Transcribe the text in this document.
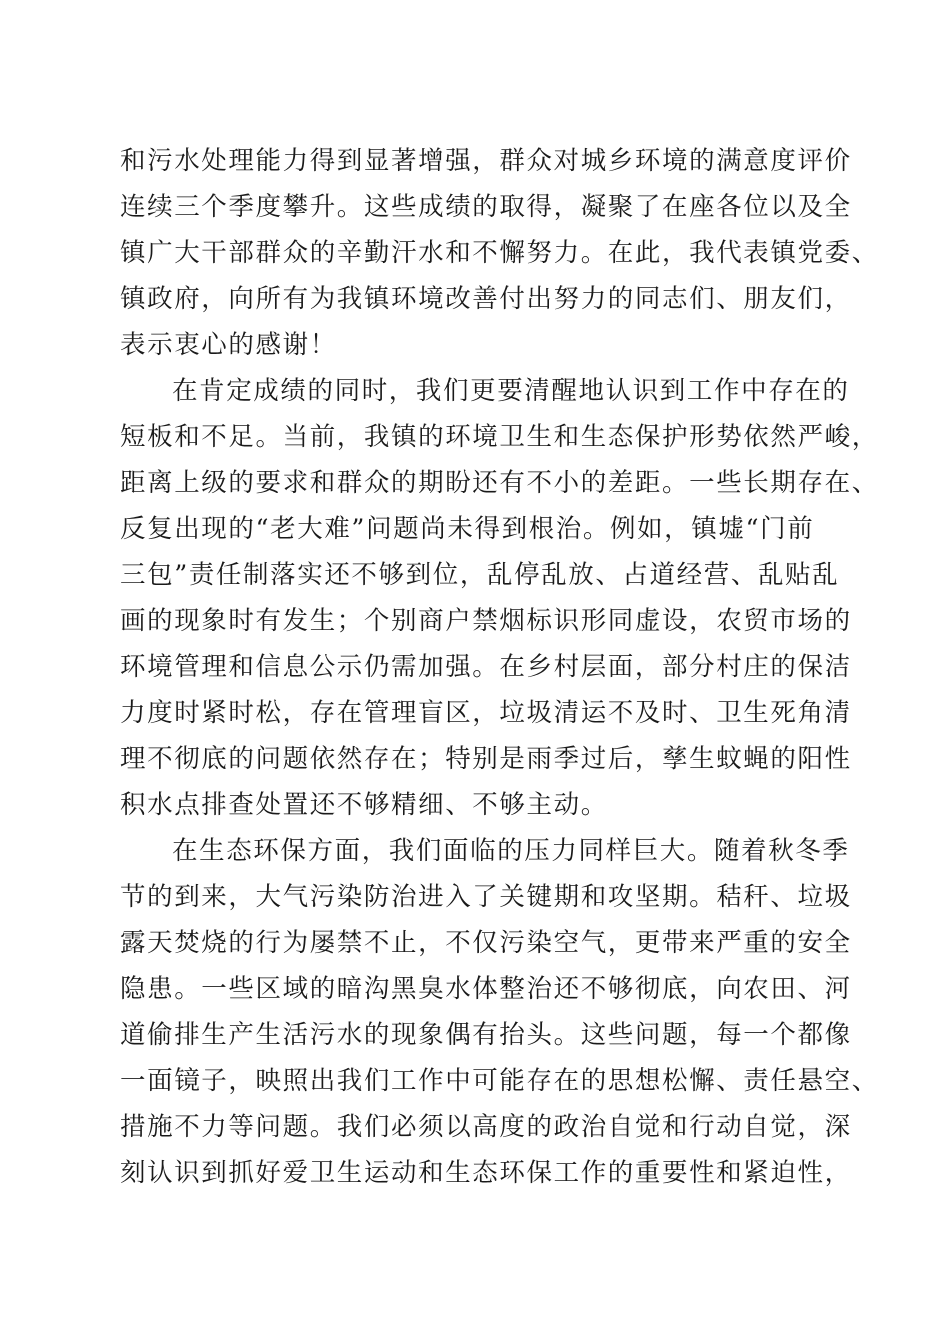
和污水处理能力得到显著增强，群众对城乡环境的满意度评价
连续三个季度攀升。这些成绩的取得，凝聚了在座各位以及全
镇广大干部群众的辛勤汗水和不懈努力。在此，我代表镇党委、
镇政府，向所有为我镇环境改善付出努力的同志们、朋友们，
表示衷心的感谢！
在肯定成绩的同时，我们更要清醒地认识到工作中存在的
短板和不足。当前，我镇的环境卫生和生态保护形势依然严峻，
距离上级的要求和群众的期盼还有不小的差距。一些长期存在、
反复出现的“老大难”问题尚未得到根治。例如，镇墟“门前
三包”责任制落实还不够到位，乱停乱放、占道经营、乱贴乱
画的现象时有发生；个别商户禁烟标识形同虚设，农贸市场的
环境管理和信息公示仍需加强。在乡村层面，部分村庄的保洁
力度时紧时松，存在管理盲区，垃圾清运不及时、卫生死角清
理不彻底的问题依然存在；特别是雨季过后，孳生蚊蝇的阳性
积水点排查处置还不够精细、不够主动。
在生态环保方面，我们面临的压力同样巨大。随着秋冬季
节的到来，大气污染防治进入了关键期和攻坚期。秸秆、垃圾
露天焚烧的行为屡禁不止，不仅污染空气，更带来严重的安全
隐患。一些区域的暗沟黑臭水体整治还不够彻底，向农田、河
道偷排生产生活污水的现象偶有抬头。这些问题，每一个都像
一面镜子，映照出我们工作中可能存在的思想松懈、责任悬空、
措施不力等问题。我们必须以高度的政治自觉和行动自觉，深
刻认识到抓好爱卫生运动和生态环保工作的重要性和紧迫性，
